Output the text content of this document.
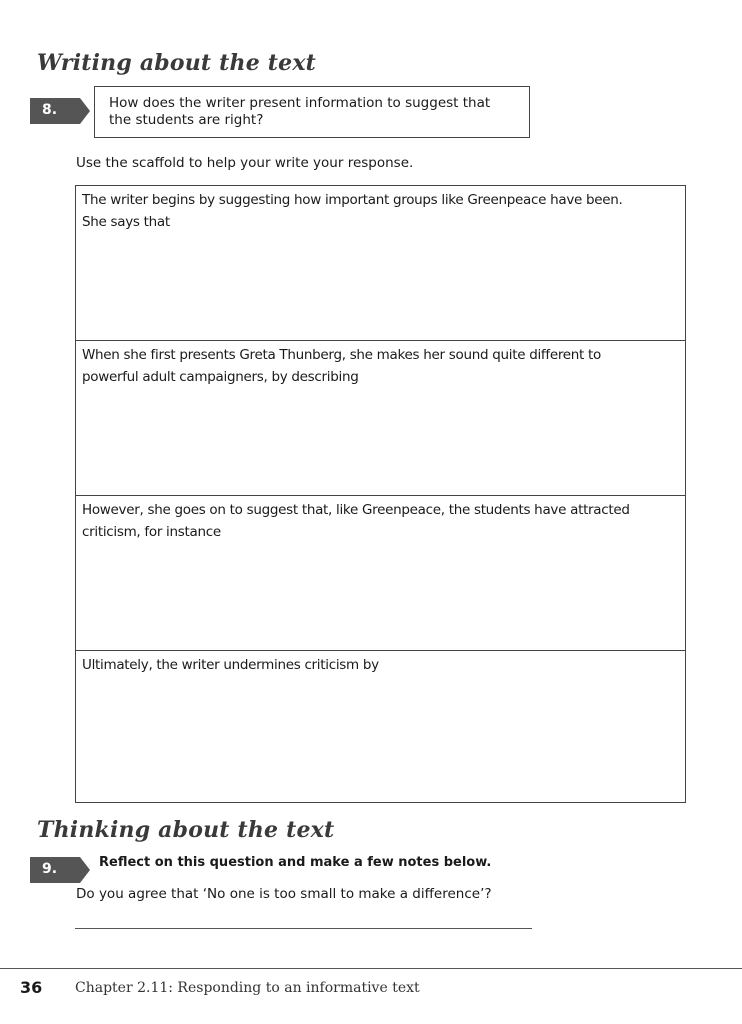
Writing about the text
8.	How does the writer present information to suggest that the students are right?
Use the scaffold to help your write your response.
The writer begins by suggesting how important groups like Greenpeace have been.
She says that
When she first presents Greta Thunberg, she makes her sound quite different to
powerful adult campaigners, by describing
However, she goes on to suggest that, like Greenpeace, the students have attracted
criticism, for instance
Ultimately, the writer undermines criticism by
Thinking about the text
9.	Reflect on this question and make a few notes below.
Do you agree that ‘No one is too small to make a difference’?
36 Chapter 2.11: Responding to an informative text
